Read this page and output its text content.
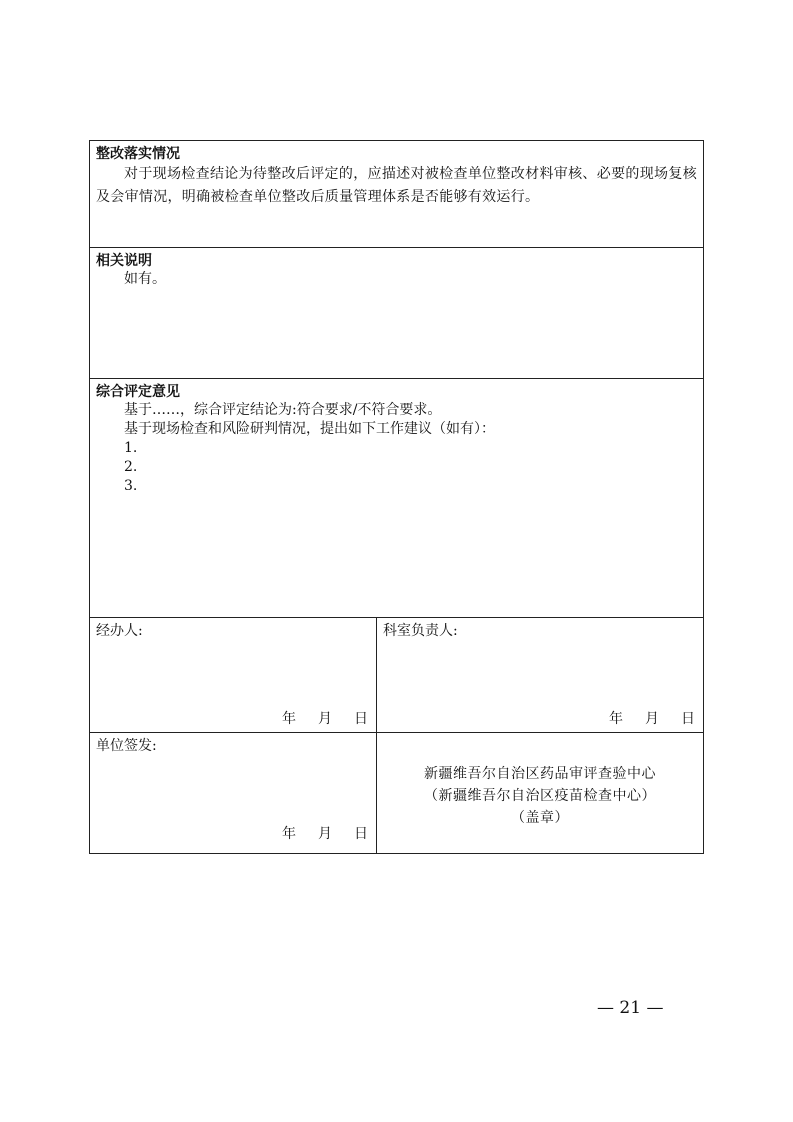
整改落实情况
对于现场检查结论为待整改后评定的，应描述对被检查单位整改材料审核、必要的现场复核及会审情况，明确被检查单位整改后质量管理体系是否能够有效运行。
相关说明
如有。
综合评定意见
基于……，综合评定结论为:符合要求/不符合要求。
基于现场检查和风险研判情况，提出如下工作建议（如有）：
1.
2.
3.
经办人:
年 月 日
科室负责人:
年 月 日
单位签发:
年 月 日
新疆维吾尔自治区药品审评查验中心
（新疆维吾尔自治区疫苗检查中心）
（盖章）
— 21 —
